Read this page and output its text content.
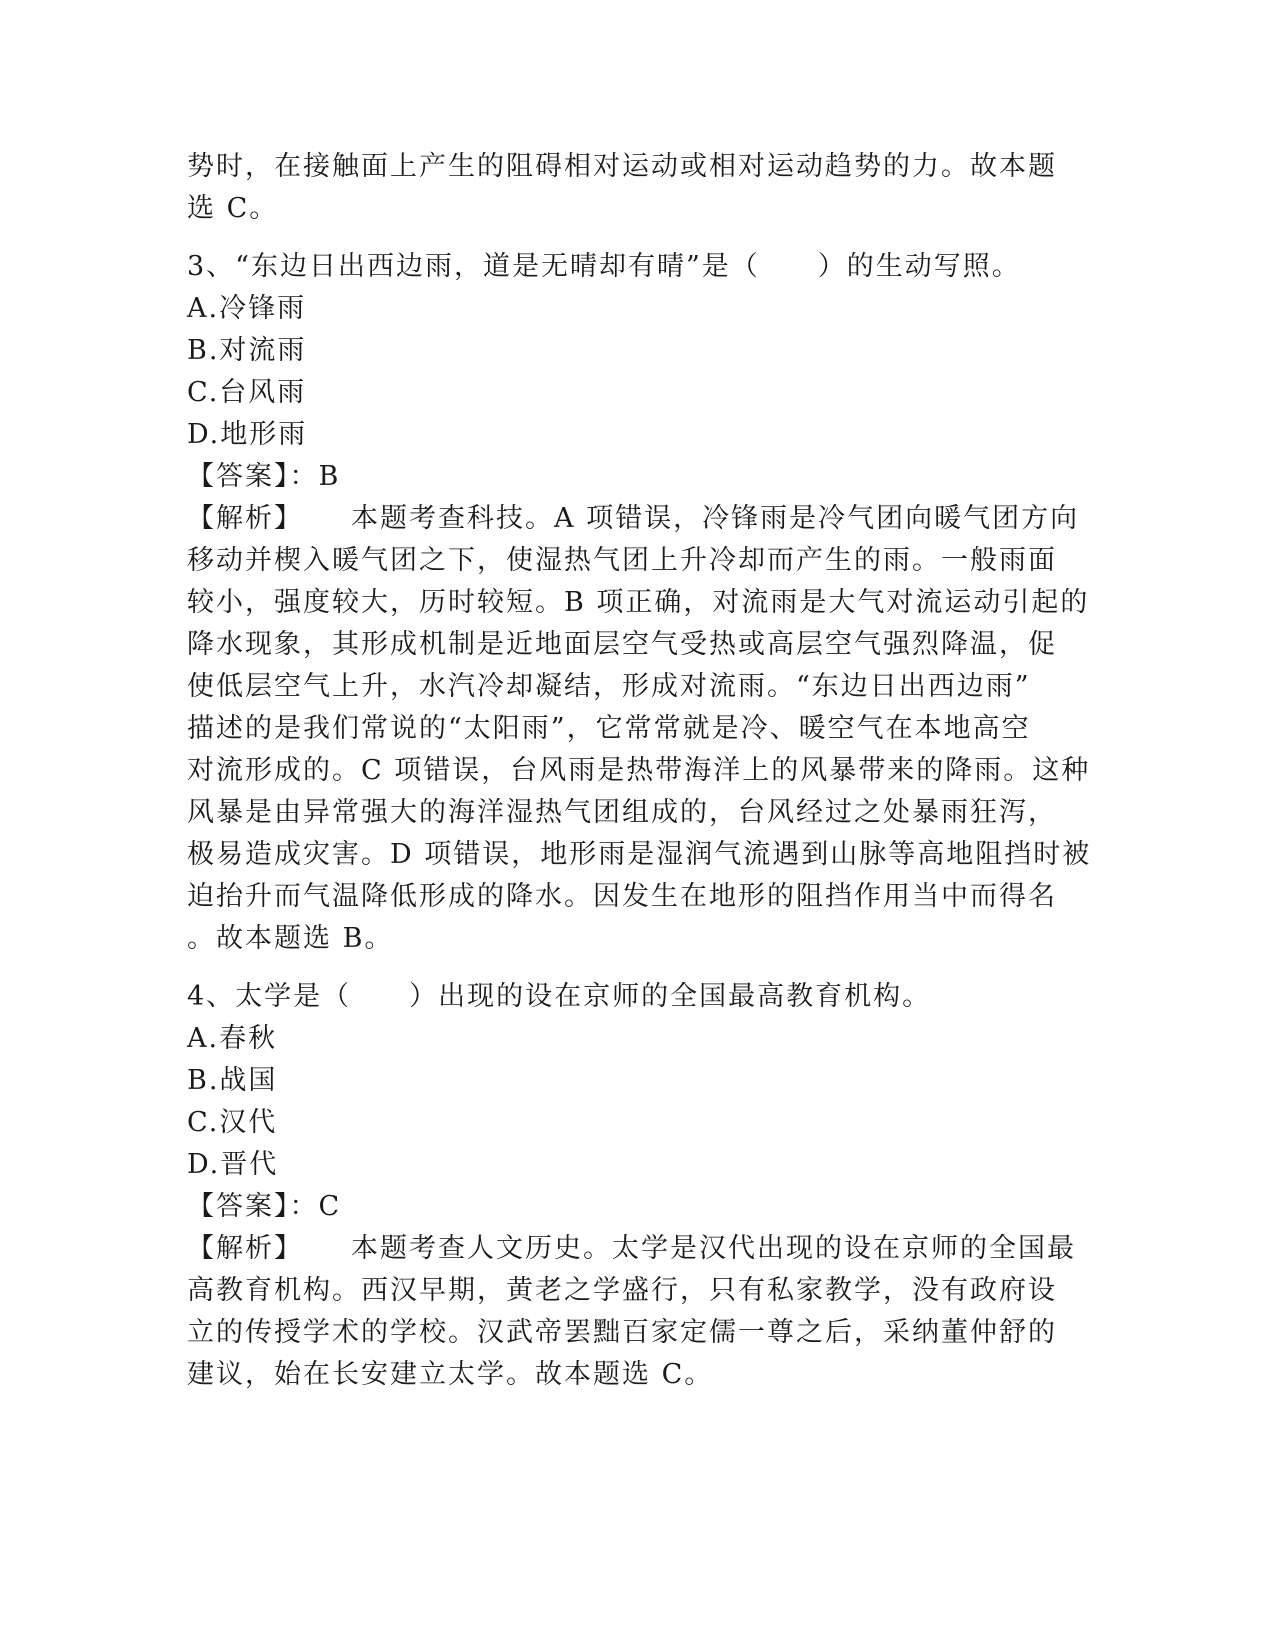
势时，在接触面上产生的阻碍相对运动或相对运动趋势的力。故本题
选 C。
3、“东边日出西边雨，道是无晴却有晴”是（　　）的生动写照。
A.冷锋雨
B.对流雨
C.台风雨
D.地形雨
【答案】：B
【解析】 本题考查科技。A 项错误，冷锋雨是冷气团向暖气团方向
移动并楔入暖气团之下，使湿热气团上升冷却而产生的雨。一般雨面
较小，强度较大，历时较短。B 项正确，对流雨是大气对流运动引起的
降水现象，其形成机制是近地面层空气受热或高层空气强烈降温，促
使低层空气上升，水汽冷却凝结，形成对流雨。“东边日出西边雨”
描述的是我们常说的“太阳雨”，它常常就是冷、暖空气在本地高空
对流形成的。C 项错误，台风雨是热带海洋上的风暴带来的降雨。这种
风暴是由异常强大的海洋湿热气团组成的，台风经过之处暴雨狂泻，
极易造成灾害。D 项错误，地形雨是湿润气流遇到山脉等高地阻挡时被
迫抬升而气温降低形成的降水。因发生在地形的阻挡作用当中而得名
。故本题选 B。
4、太学是（　　）出现的设在京师的全国最高教育机构。
A.春秋
B.战国
C.汉代
D.晋代
【答案】：C
【解析】 本题考查人文历史。太学是汉代出现的设在京师的全国最
高教育机构。西汉早期，黄老之学盛行，只有私家教学，没有政府设
立的传授学术的学校。汉武帝罢黜百家定儒一尊之后，采纳董仲舒的
建议，始在长安建立太学。故本题选 C。
